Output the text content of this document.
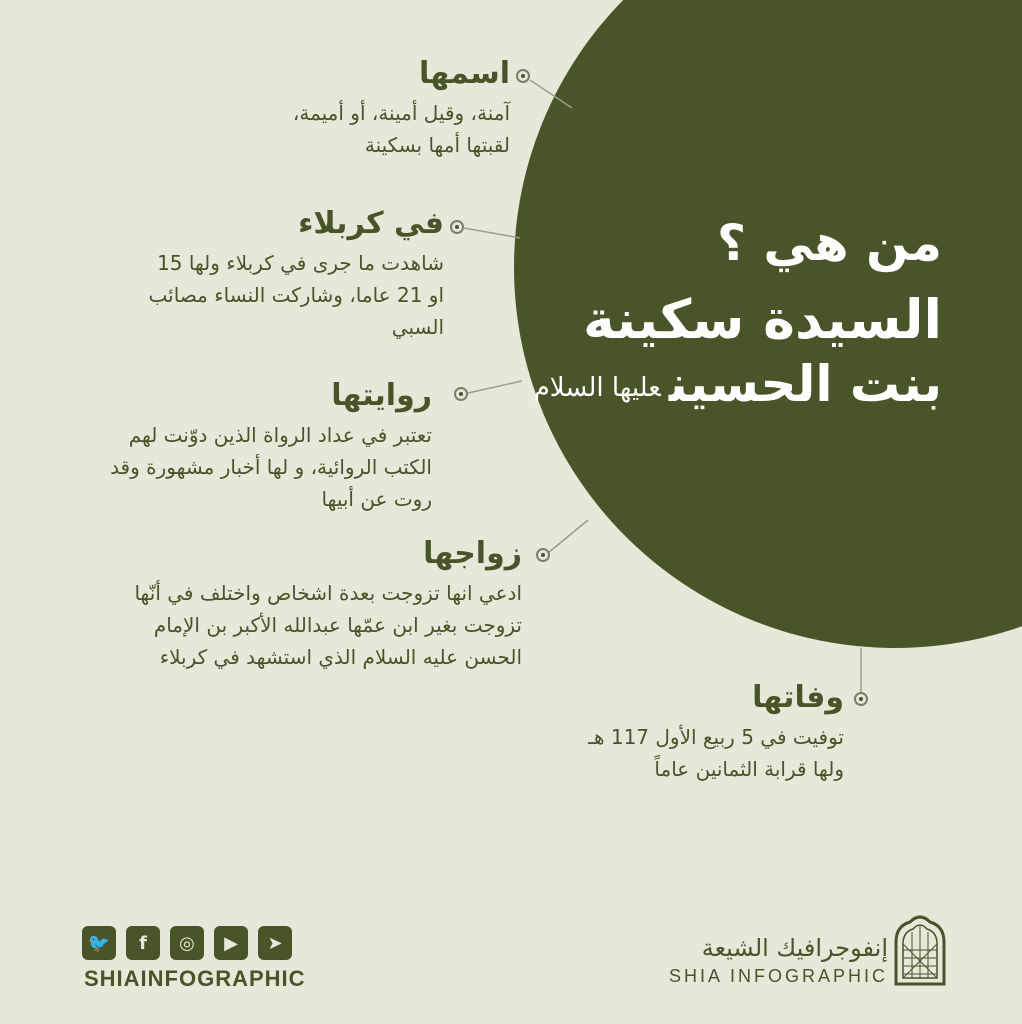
من هي ؟
السيدة سكينة
بنت الحسينعليها السلام
اسمها

آمنة، وقيل أمينة، أو أميمة،
لقبتها أمها بسكينة

في كربلاء

شاهدت ما جرى في كربلاء ولها 15
او 21 عاما، وشاركت النساء مصائب
السبي

روايتها

تعتبر في عداد الرواة الذين دوّنت لهم
الكتب الروائية، و لها أخبار مشهورة وقد
روت عن أبيها

زواجها

ادعي انها تزوجت بعدة اشخاص واختلف في أنّها
تزوجت بغير ابن عمّها عبدالله الأكبر بن الإمام
الحسن عليه السلام الذي استشهد في كربلاء

وفاتها

توفيت في 5 ربيع الأول 117 هـ
ولها قرابة الثمانين عاماً

🐦	f	◎	▶	➤
SHIAINFOGRAPHIC
إنفوجرافيك الشيعة
SHIA INFOGRAPHIC
